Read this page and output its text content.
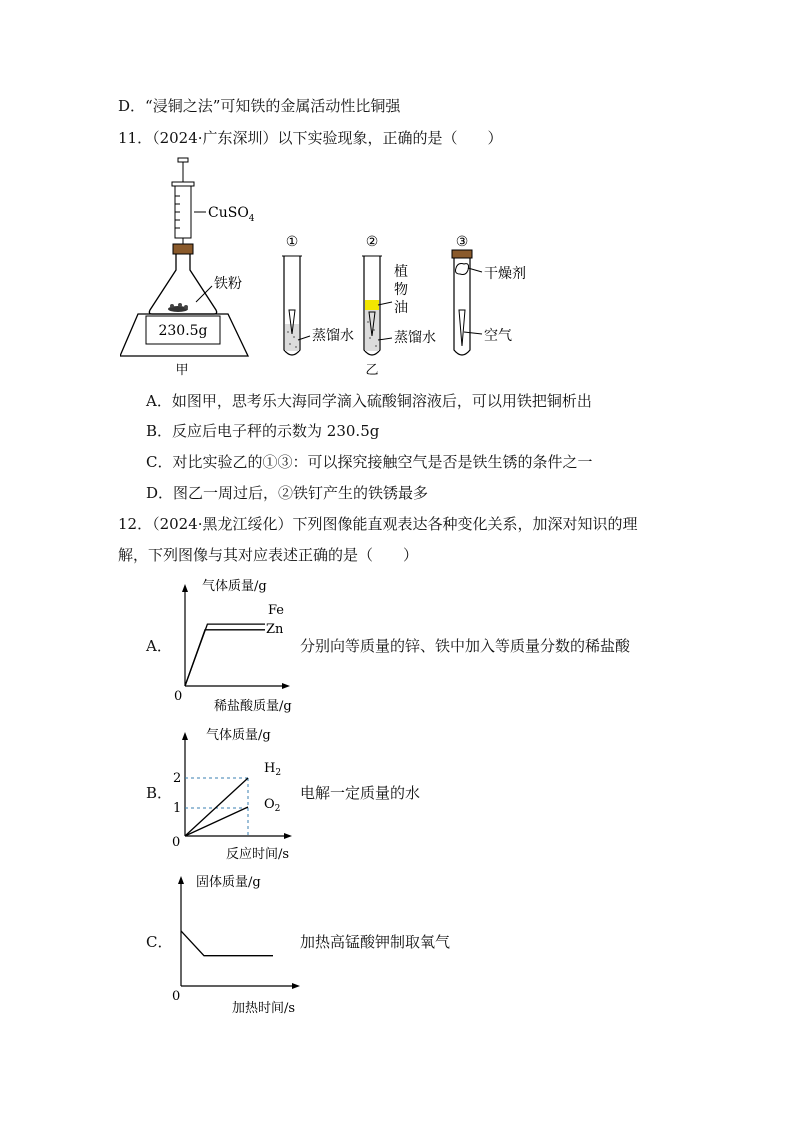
D．“浸铜之法”可知铁的金属活动性比铜强
11．（2024·广东深圳）以下实验现象，正确的是（　　）
CuSO$_4$
铁粉
230.5g
甲
①
蒸馏水
②
植
物
油
蒸馏水
乙
③
干燥剂
空气
A．如图甲，思考乐大海同学滴入硫酸铜溶液后，可以用铁把铜析出
B．反应后电子秤的示数为 230.5g
C．对比实验乙的①③：可以探究接触空气是否是铁生锈的条件之一
D．图乙一周过后，②铁钉产生的铁锈最多
12．（2024·黑龙江绥化）下列图像能直观表达各种变化关系，加深对知识的理
解，下列图像与其对应表述正确的是（　　）
A．
气体质量/g
0
Fe
Zn
稀盐酸质量/g
分别向等质量的锌、铁中加入等质量分数的稀盐酸
B．
气体质量/g
0
2
1
$H_2$
$O_2$
反应时间/s
电解一定质量的水
C．
固体质量/g
0
加热时间/s
加热高锰酸钾制取氧气
